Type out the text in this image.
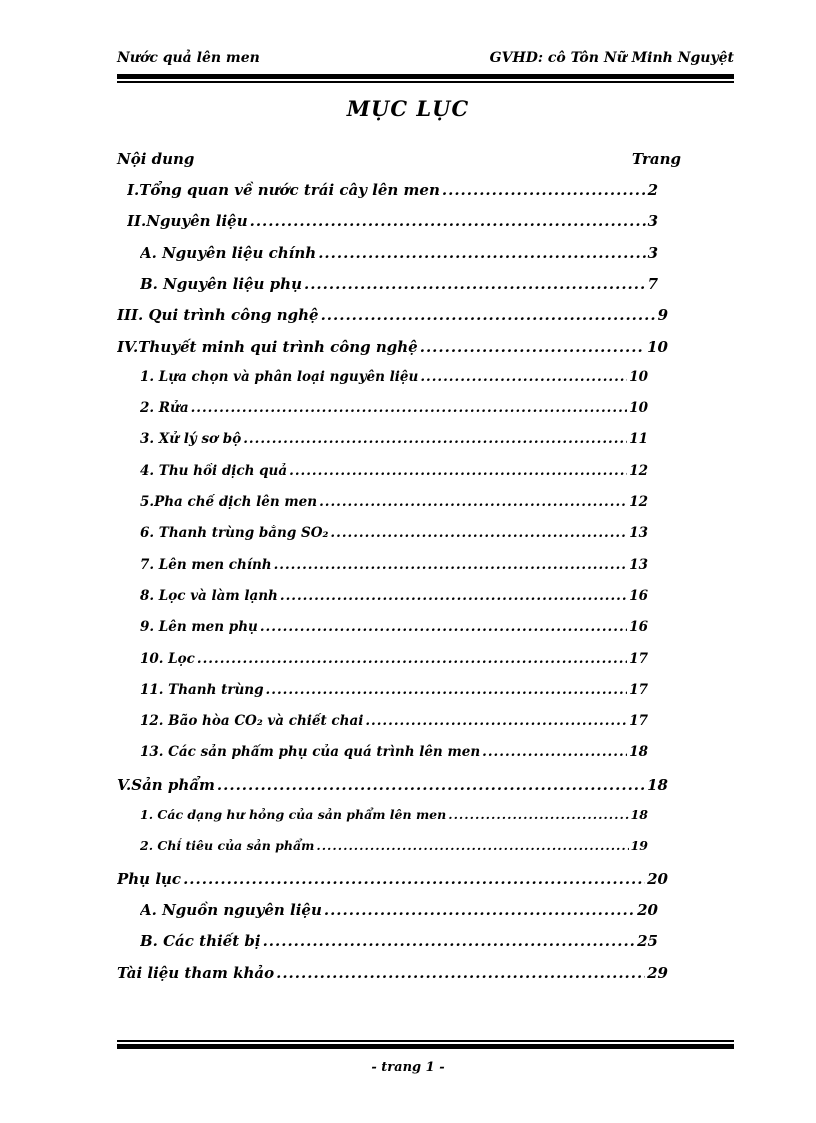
Nước quả lên men	GVHD: cô Tôn Nữ Minh Nguyệt
MỤC LỤC
Nội dung	Trang
I.Tổng quan về nước trái cây lên men .....	2
II.Nguyên liệu .....	3
A. Nguyên liệu chính .....	3
B. Nguyên liệu phụ .....	7
III. Qui trình công nghệ .....	9
IV.Thuyết minh qui trình công nghệ .....	10
1. Lựa chọn và phân loại nguyên liệu .....	10
2. Rửa .....	10
3. Xử lý sơ bộ .....	11
4. Thu hồi dịch quả .....	12
5.Pha chế dịch lên men .....	12
6. Thanh trùng bằng SO₂ .....	13
7. Lên men chính .....	13
8. Lọc và làm lạnh .....	16
9. Lên men phụ .....	16
10. Lọc .....	17
11. Thanh trùng .....	17
12. Bão hòa CO₂ và chiết chai .....	17
13. Các sản phẩm phụ của quá trình lên men .....	18
V.Sản phẩm .....	18
1. Các dạng hư hỏng của sản phẩm lên men .....	18
2. Chỉ tiêu của sản phẩm .....	19
Phụ lục .....	20
A. Nguồn nguyên liệu .....	20
B. Các thiết bị .....	25
Tài liệu tham khảo .....	29
- trang 1 -
